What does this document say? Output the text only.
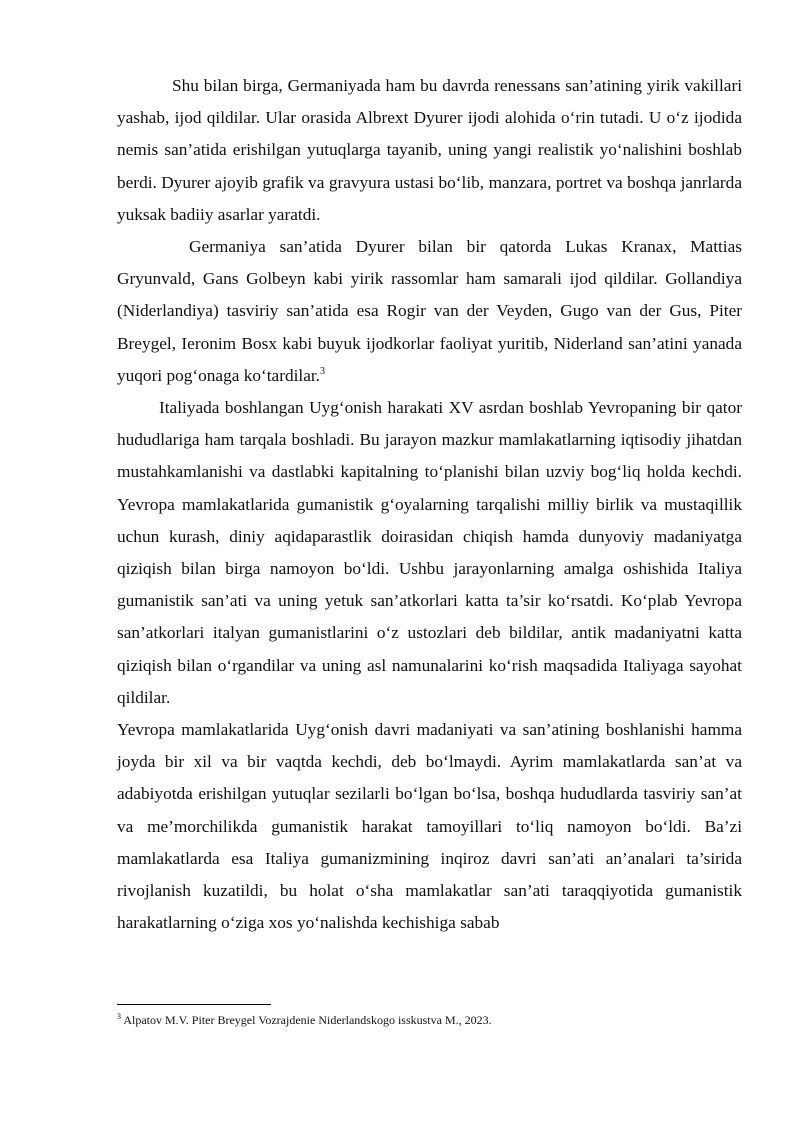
Shu bilan birga, Germaniyada ham bu davrda renessans san’atining yirik vakillari yashab, ijod qildilar. Ular orasida Albrext Dyurer ijodi alohida o‘rin tutadi. U o‘z ijodida nemis san’atida erishilgan yutuqlarga tayanib, uning yangi realistik yo‘nalishini boshlab berdi. Dyurer ajoyib grafik va gravyura ustasi bo‘lib, manzara, portret va boshqa janrlarda yuksak badiiy asarlar yaratdi.

Germaniya san’atida Dyurer bilan bir qatorda Lukas Kranax, Mattias Gryunvald, Gans Golbeyn kabi yirik rassomlar ham samarali ijod qildilar. Gollandiya (Niderlandiya) tasviriy san’atida esa Rogir van der Veyden, Gugo van der Gus, Piter Breygel, Ieronim Bosx kabi buyuk ijodkorlar faoliyat yuritib, Niderland san’atini yanada yuqori pog‘onaga ko‘tardilar.$^3$

Italiyada boshlangan Uyg‘onish harakati XV asrdan boshlab Yevropaning bir qator hududlariga ham tarqala boshladi. Bu jarayon mazkur mamlakatlarning iqtisodiy jihatdan mustahkamlanishi va dastlabki kapitalning to‘planishi bilan uzviy bog‘liq holda kechdi. Yevropa mamlakatlarida gumanistik g‘oyalarning tarqalishi milliy birlik va mustaqillik uchun kurash, diniy aqidaparastlik doirasidan chiqish hamda dunyoviy madaniyatga qiziqish bilan birga namoyon bo‘ldi. Ushbu jarayonlarning amalga oshishida Italiya gumanistik san’ati va uning yetuk san’atkorlari katta ta’sir ko‘rsatdi. Ko‘plab Yevropa san’atkorlari italyan gumanistlarini o‘z ustozlari deb bildilar, antik madaniyatni katta qiziqish bilan o‘rgandilar va uning asl namunalarini ko‘rish maqsadida Italiyaga sayohat qildilar.

Yevropa mamlakatlarida Uyg‘onish davri madaniyati va san’atining boshlanishi hamma joyda bir xil va bir vaqtda kechdi, deb bo‘lmaydi. Ayrim mamlakatlarda san’at va adabiyotda erishilgan yutuqlar sezilarli bo‘lgan bo‘lsa, boshqa hududlarda tasviriy san’at va me’morchilikda gumanistik harakat tamoyillari to‘liq namoyon bo‘ldi. Ba’zi mamlakatlarda esa Italiya gumanizmining inqiroz davri san’ati an’analari ta’sirida rivojlanish kuzatildi, bu holat o‘sha mamlakatlar san’ati taraqqiyotida gumanistik harakatlarning o‘ziga xos yo‘nalishda kechishiga sabab

$^3$ Alpatov M.V. Piter Breygel Vozrajdenie Niderlandskogo isskustva M., 2023.
